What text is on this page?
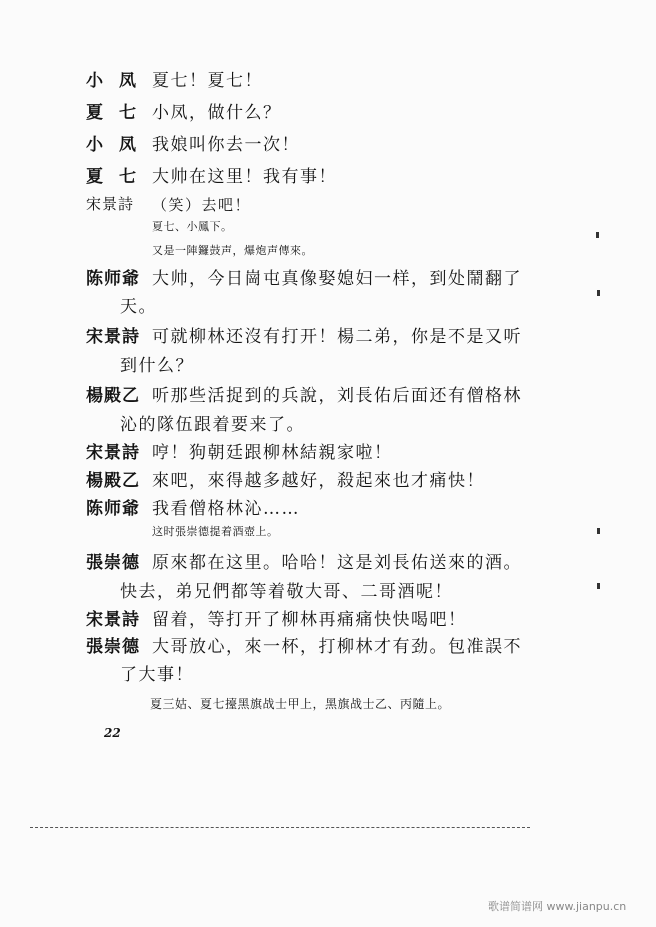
小凤 夏七！夏七！
夏七 小凤，做什么？
小凤 我娘叫你去一次！
夏七 大帅在这里！我有事！
宋景詩 （笑）去吧！
夏七、小鳳下。
又是一陣鑼鼓声，爆炮声傳來。
陈师爺 大帅，今日崗屯真像娶媳妇一样，到处鬧翻了
天。
宋景詩 可就柳林还沒有打开！楊二弟，你是不是又听
到什么？
楊殿乙 听那些活捉到的兵說，刘長佑后面还有僧格林
沁的隊伍跟着要来了。
宋景詩 哼！狗朝廷跟柳林結親家啦！
楊殿乙 來吧，來得越多越好，殺起來也才痛快！
陈师爺 我看僧格林沁……
这时張崇德提着酒壺上。
張崇德 原來都在这里。哈哈！这是刘長佑送來的酒。
快去，弟兄們都等着敬大哥、二哥酒呢！
宋景詩 留着，等打开了柳林再痛痛快快喝吧！
張崇德 大哥放心，來一杯，打柳林才有劲。包准誤不
了大事！
夏三姑、夏七擡黑旗战士甲上，黑旗战士乙、丙隨上。
22
歌谱简谱网 www.jianpu.cn
